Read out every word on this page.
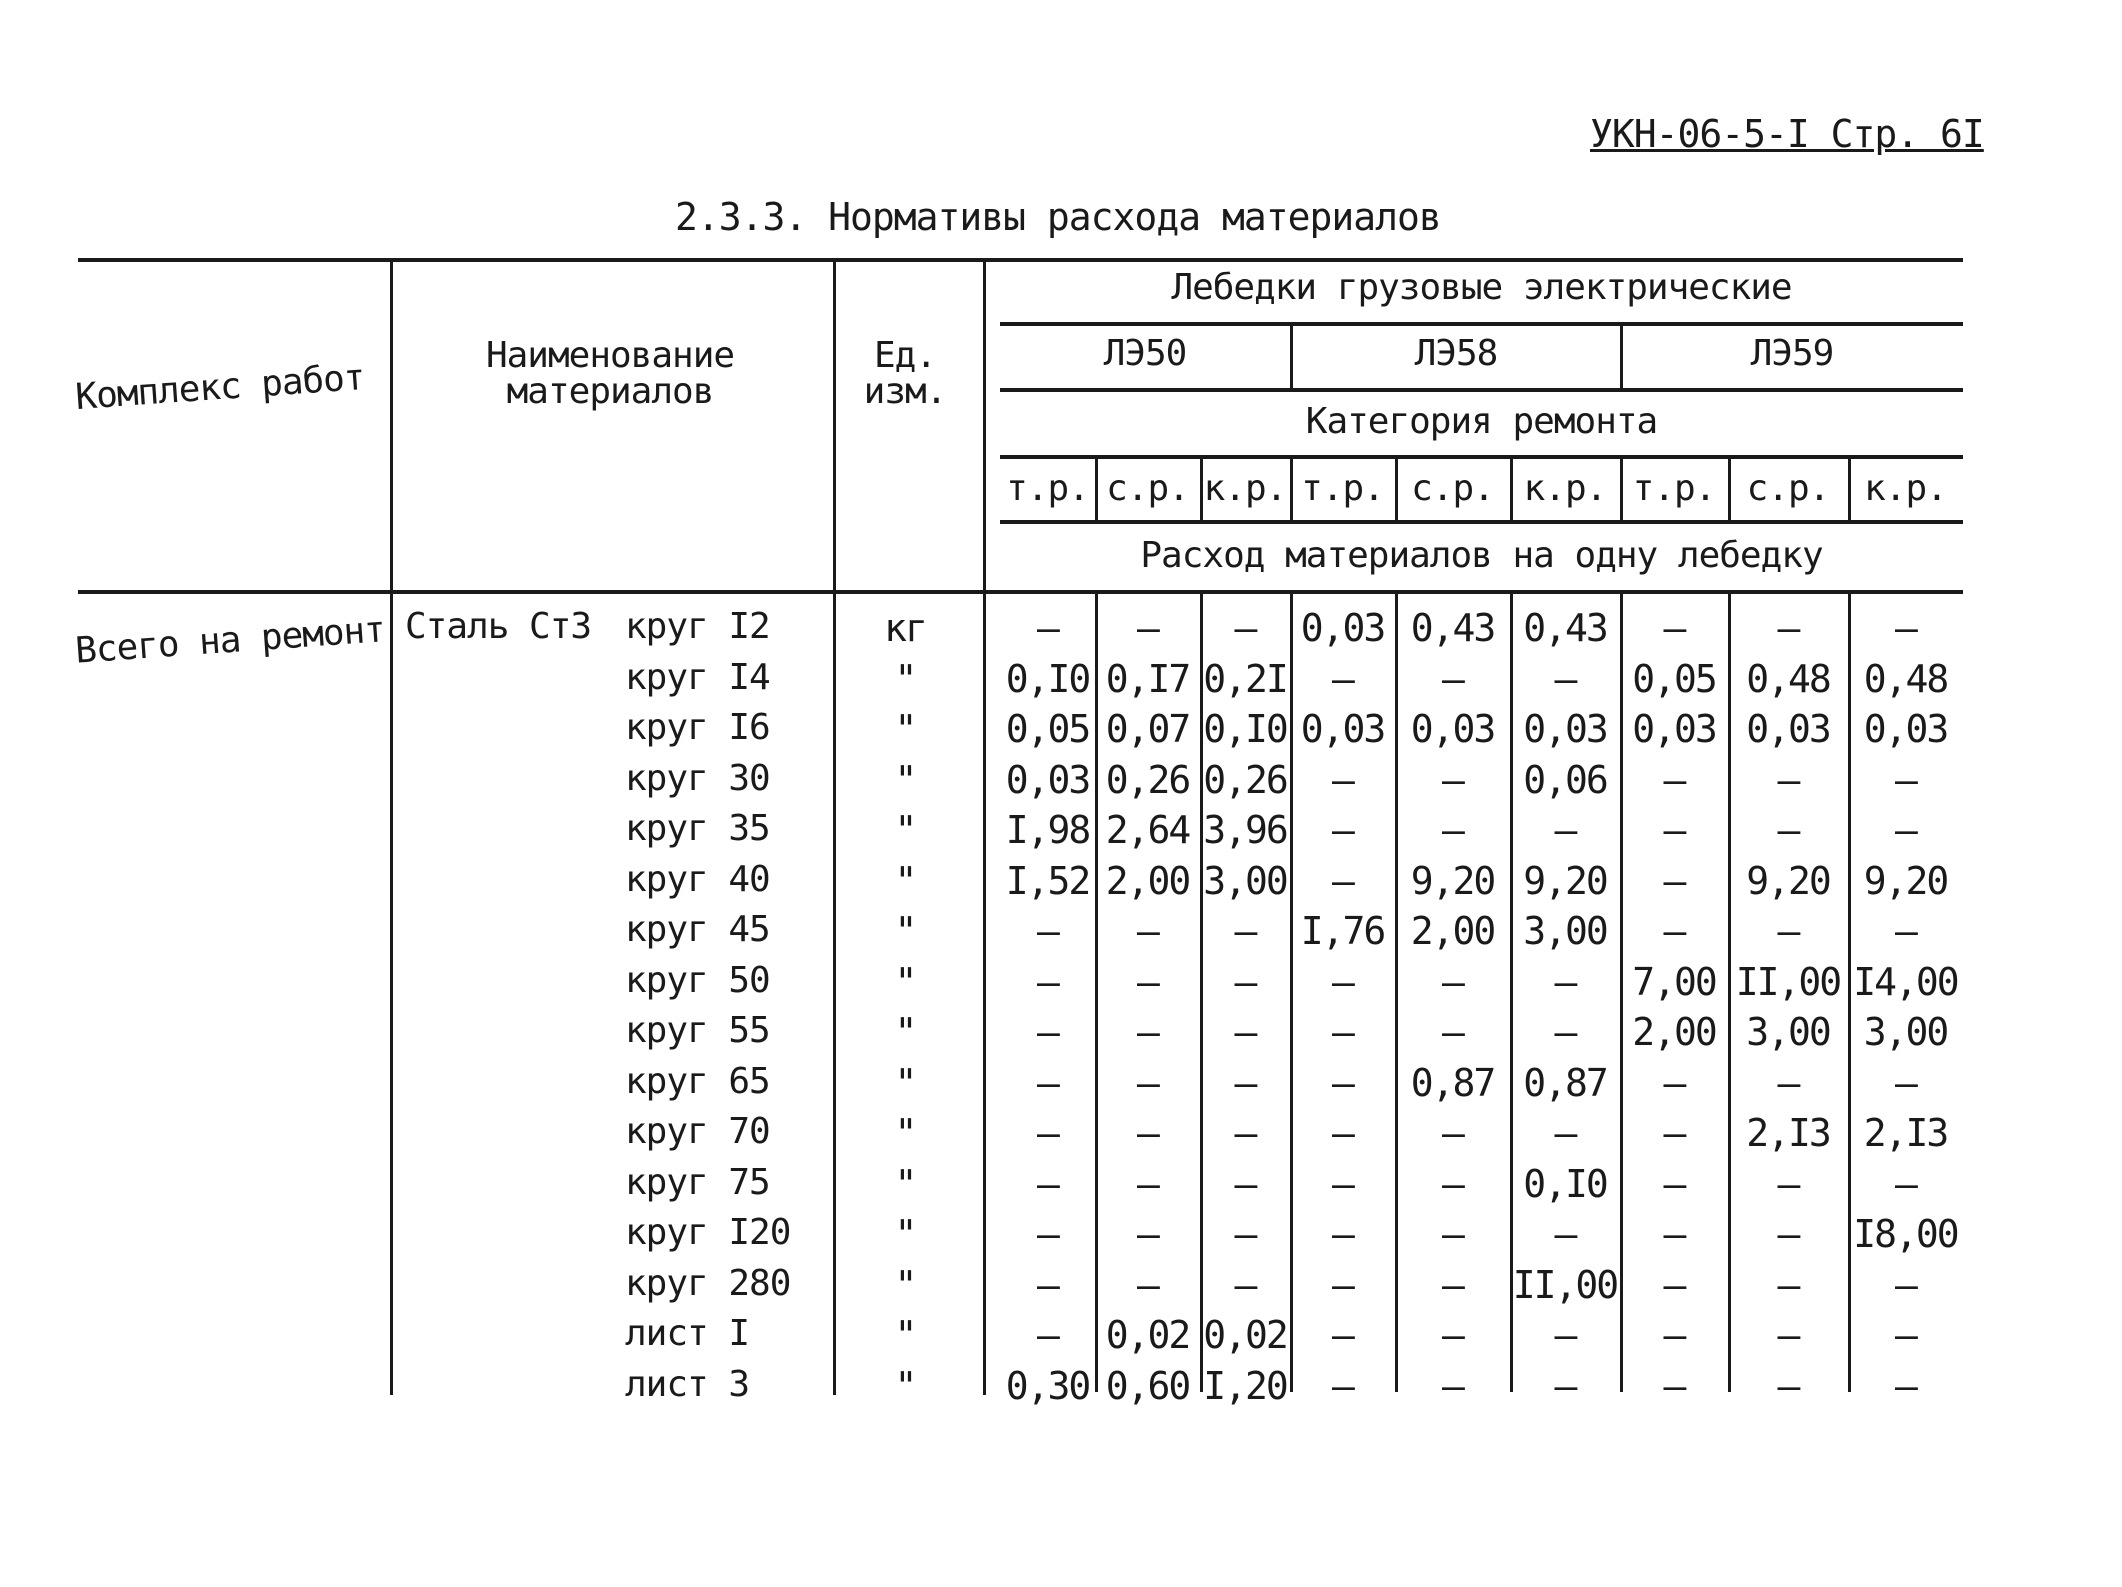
УКН-06-5-I Стр. 6I
2.3.3. Нормативы расхода материалов
Комплекс работ
Наименование
материалов
Ед.
изм.
Лебедки грузовые электрические
ЛЭ50	ЛЭ58	ЛЭ59
Категория ремонта
Расход материалов на одну лебедку
т.р. с.р. к.р. т.р. с.р. к.р. т.р. с.р. к.р.
Всего на ремонт Сталь Ст3 круг I2	кг	–	–	–	0,03 0,43 0,43	–	–	–
круг I4	"	0,I0 0,I7 0,2I	–	–	–	0,05 0,48 0,48
круг I6	"	0,05 0,07 0,I0 0,03 0,03 0,03 0,03 0,03 0,03
круг 30	"	0,03 0,26 0,26	–	–	0,06	–	–	–
круг 35	"	I,98 2,64 3,96	–	–	–	–	–	–
круг 40	"	I,52 2,00 3,00	–	9,20 9,20	–	9,20 9,20
круг 45	"	–	–	–	I,76 2,00 3,00	–	–	–
круг 50	"	–	–	–	–	–	–	7,00 II,00 I4,00
круг 55	"	–	–	–	–	–	–	2,00 3,00 3,00
круг 65	"	–	–	–	–	0,87 0,87	–	–	–
круг 70	"	–	–	–	–	–	–	–	2,I3 2,I3
круг 75	"	–	–	–	–	–	0,I0	–	–	–
круг I20	"	–	–	–	–	–	–	–	–	I8,00
круг 280	"	–	–	–	–	–	II,00	–	–	–
лист I	"	–	0,02 0,02	–	–	–	–	–	–
лист 3	"	0,30 0,60 I,20	–	–	–	–	–	–
